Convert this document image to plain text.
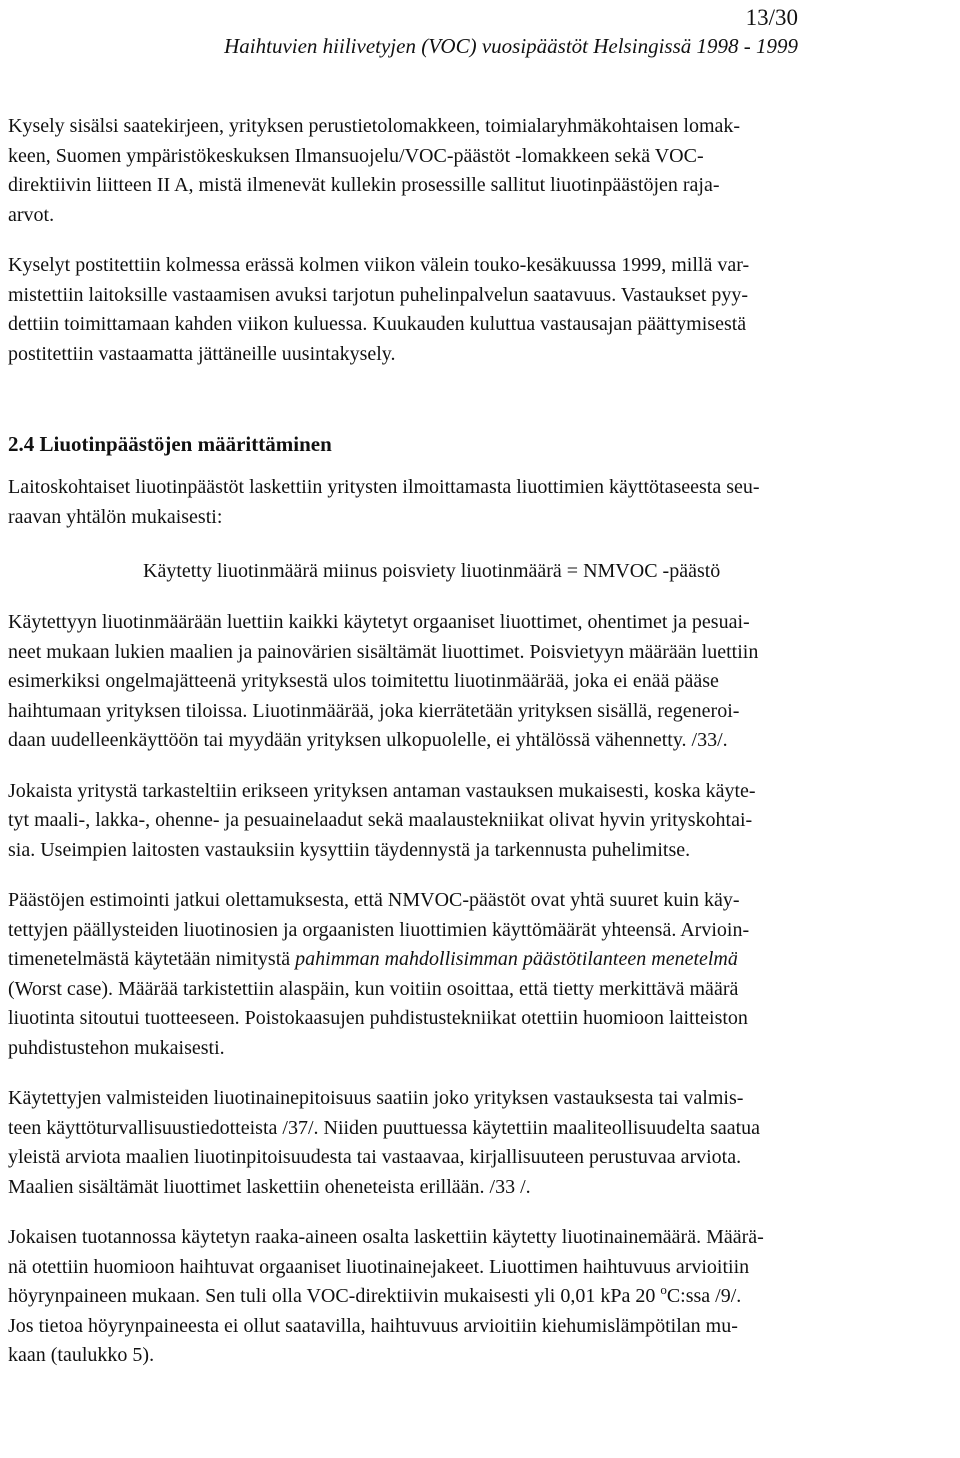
13/30
Haihtuvien hiilivetyjen (VOC) vuosipäästöt Helsingissä 1998 - 1999
Kysely sisälsi saatekirjeen, yrityksen perustietolomakkeen, toimialaryhmäkohtaisen lomak-
keen, Suomen ympäristökeskuksen Ilmansuojelu/VOC-päästöt -lomakkeen sekä VOC-
direktiivin liitteen II A, mistä ilmenevät kullekin prosessille sallitut liuotinpäästöjen raja-
arvot.
Kyselyt postitettiin kolmessa erässä kolmen viikon välein touko-kesäkuussa 1999, millä var-
mistettiin laitoksille vastaamisen avuksi tarjotun puhelinpalvelun saatavuus. Vastaukset pyy-
dettiin toimittamaan kahden viikon kuluessa. Kuukauden kuluttua vastausajan päättymisestä
postitettiin vastaamatta jättäneille uusintakysely.
2.4 Liuotinpäästöjen määrittäminen
Laitoskohtaiset liuotinpäästöt laskettiin yritysten ilmoittamasta liuottimien käyttötaseesta seu-
raavan yhtälön mukaisesti:
Käytetty liuotinmäärä miinus poisviety liuotinmäärä = NMVOC -päästö
Käytettyyn liuotinmäärään luettiin kaikki käytetyt orgaaniset liuottimet, ohentimet ja pesuai-
neet mukaan lukien maalien ja painovärien sisältämät liuottimet. Poisvietyyn määrään luettiin
esimerkiksi ongelmajätteenä yrityksestä ulos toimitettu liuotinmäärää, joka ei enää pääse
haihtumaan yrityksen tiloissa. Liuotinmäärää, joka kierrätetään yrityksen sisällä, regeneroi-
daan uudelleenkäyttöön tai myydään yrityksen ulkopuolelle, ei yhtälössä vähennetty. /33/.
Jokaista yritystä tarkasteltiin erikseen yrityksen antaman vastauksen mukaisesti, koska käyte-
tyt maali-, lakka-, ohenne- ja pesuainelaadut sekä maalaustekniikat olivat hyvin yrityskohtai-
sia. Useimpien laitosten vastauksiin kysyttiin täydennystä ja tarkennusta puhelimitse.
Päästöjen estimointi jatkui olettamuksesta, että NMVOC-päästöt ovat yhtä suuret kuin käy-
tettyjen päällysteiden liuotinosien ja orgaanisten liuottimien käyttömäärät yhteensä. Arvioin-
timenetelmästä käytetään nimitystä pahimman mahdollisimman päästötilanteen menetelmä
(Worst case). Määrää tarkistettiin alaspäin, kun voitiin osoittaa, että tietty merkittävä määrä
liuotinta sitoutui tuotteeseen. Poistokaasujen puhdistustekniikat otettiin huomioon laitteiston
puhdistustehon mukaisesti.
Käytettyjen valmisteiden liuotinainepitoisuus saatiin joko yrityksen vastauksesta tai valmis-
teen käyttöturvallisuustiedotteista /37/. Niiden puuttuessa käytettiin maaliteollisuudelta saatua
yleistä arviota maalien liuotinpitoisuudesta tai vastaavaa, kirjallisuuteen perustuvaa arviota.
Maalien sisältämät liuottimet laskettiin oheneteista erillään. /33 /.
Jokaisen tuotannossa käytetyn raaka-aineen osalta laskettiin käytetty liuotinainemäärä. Määrä-
nä otettiin huomioon haihtuvat orgaaniset liuotinainejakeet. Liuottimen haihtuvuus arvioitiin
höyrynpaineen mukaan. Sen tuli olla VOC-direktiivin mukaisesti yli 0,01 kPa 20 $^o$C:ssa /9/.
Jos tietoa höyrynpaineesta ei ollut saatavilla, haihtuvuus arvioitiin kiehumislämpötilan mu-
kaan (taulukko 5).
